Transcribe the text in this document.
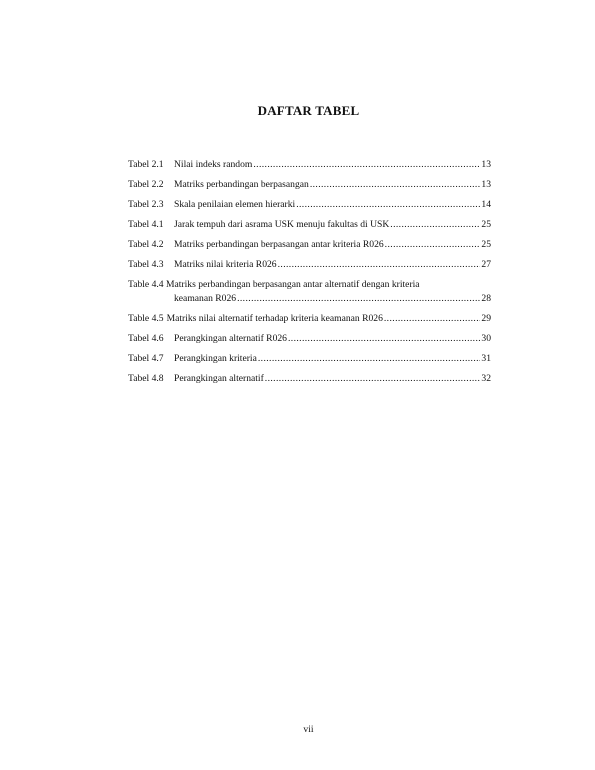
DAFTAR TABEL
Tabel 2.1	Nilai indeks random .....	13
Tabel 2.2	Matriks perbandingan berpasangan .....	13
Tabel 2.3	Skala penilaian elemen hierarki .....	14
Tabel 4.1	Jarak tempuh dari asrama USK menuju fakultas di USK .....	25
Tabel 4.2	Matriks perbandingan berpasangan antar kriteria R026 .....	25
Tabel 4.3	Matriks nilai kriteria R026 .....	27
Table 4.4 Matriks perbandingan berpasangan antar alternatif dengan kriteria
keamanan R026 .....	28
Table 4.5 Matriks nilai alternatif terhadap kriteria keamanan R026 .....	29
Tabel 4.6	Perangkingan alternatif R026 .....	30
Tabel 4.7	Perangkingan kriteria .....	31
Tabel 4.8	Perangkingan alternatif .....	32
vii
